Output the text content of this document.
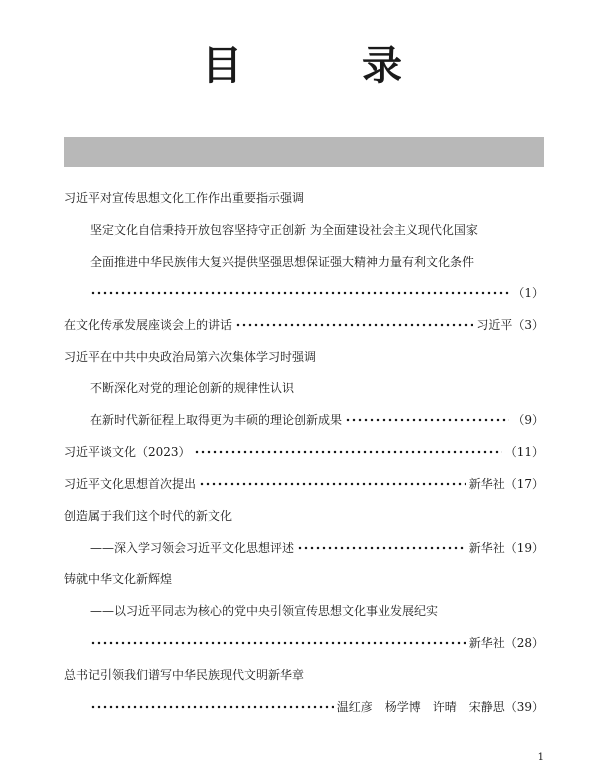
目　录
习近平对宣传思想文化工作作出重要指示强调
坚定文化自信秉持开放包容坚持守正创新 为全面建设社会主义现代化国家
全面推进中华民族伟大复兴提供坚强思想保证强大精神力量有利文化条件
（1）
在文化传承发展座谈会上的讲话	习近平（3）
习近平在中共中央政治局第六次集体学习时强调
不断深化对党的理论创新的规律性认识
在新时代新征程上取得更为丰硕的理论创新成果	（9）
习近平谈文化（2023）	（11）
习近平文化思想首次提出	新华社（17）
创造属于我们这个时代的新文化
——深入学习领会习近平文化思想评述	新华社（19）
铸就中华文化新辉煌
——以习近平同志为核心的党中央引领宣传思想文化事业发展纪实
新华社（28）
总书记引领我们谱写中华民族现代文明新华章
温红彦　杨学博　许晴　宋静思（39）
1
